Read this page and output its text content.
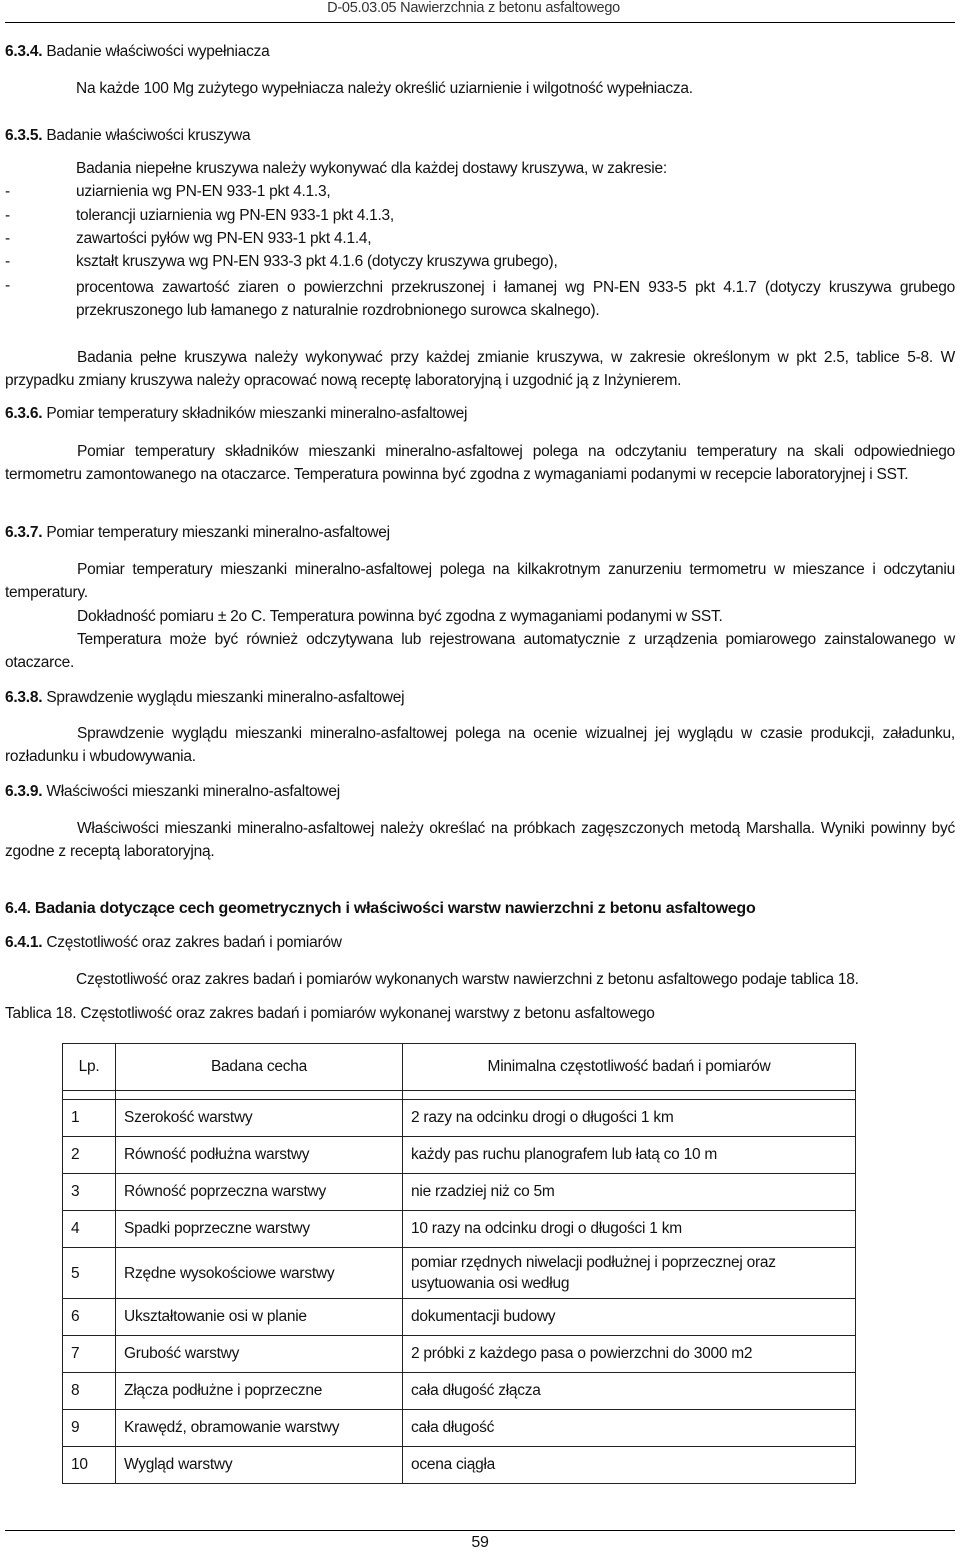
D-05.03.05 Nawierzchnia z betonu asfaltowego
6.3.4. Badanie właściwości wypełniacza
Na każde 100 Mg zużytego wypełniacza należy określić uziarnienie i wilgotność wypełniacza.
6.3.5. Badanie właściwości kruszywa
Badania niepełne kruszywa należy wykonywać dla każdej dostawy kruszywa, w zakresie:
-	uziarnienia wg PN-EN 933-1 pkt 4.1.3,
-	tolerancji uziarnienia wg PN-EN 933-1 pkt 4.1.3,
-	zawartości pyłów wg PN-EN 933-1 pkt 4.1.4,
-	kształt kruszywa wg PN-EN 933-3 pkt 4.1.6 (dotyczy kruszywa grubego),
-	procentowa zawartość ziaren o powierzchni przekruszonej i łamanej wg PN-EN 933-5 pkt 4.1.7 (dotyczy kruszywa grubego przekruszonego lub łamanego z naturalnie rozdrobnionego surowca skalnego).
Badania pełne kruszywa należy wykonywać przy każdej zmianie kruszywa, w zakresie określonym w pkt 2.5, tablice 5-8. W przypadku zmiany kruszywa należy opracować nową receptę laboratoryjną i uzgodnić ją z Inżynierem.
6.3.6. Pomiar temperatury składników mieszanki mineralno-asfaltowej
Pomiar temperatury składników mieszanki mineralno-asfaltowej polega na odczytaniu temperatury na skali odpowiedniego termometru zamontowanego na otaczarce. Temperatura powinna być zgodna z wymaganiami podanymi w recepcie laboratoryjnej i SST.
6.3.7. Pomiar temperatury mieszanki mineralno-asfaltowej
Pomiar temperatury mieszanki mineralno-asfaltowej polega na kilkakrotnym zanurzeniu termometru w mieszance i odczytaniu temperatury.
Dokładność pomiaru ± 2o C. Temperatura powinna być zgodna z wymaganiami podanymi w SST.
Temperatura może być również odczytywana lub rejestrowana automatycznie z urządzenia pomiarowego zainstalowanego w otaczarce.
6.3.8. Sprawdzenie wyglądu mieszanki mineralno-asfaltowej
Sprawdzenie wyglądu mieszanki mineralno-asfaltowej polega na ocenie wizualnej jej wyglądu w czasie produkcji, załadunku, rozładunku i wbudowywania.
6.3.9. Właściwości mieszanki mineralno-asfaltowej
Właściwości mieszanki mineralno-asfaltowej należy określać na próbkach zagęszczonych metodą Marshalla. Wyniki powinny być zgodne z receptą laboratoryjną.
6.4. Badania dotyczące cech geometrycznych i właściwości warstw nawierzchni z betonu asfaltowego
6.4.1. Częstotliwość oraz zakres badań i pomiarów
Częstotliwość oraz zakres badań i pomiarów wykonanych warstw nawierzchni z betonu asfaltowego podaje tablica 18.
Tablica 18. Częstotliwość oraz zakres badań i pomiarów wykonanej warstwy z betonu asfaltowego
Lp.	Badana cecha	Minimalna częstotliwość badań i pomiarów

1	Szerokość warstwy	2 razy na odcinku drogi o długości 1 km
2	Równość podłużna warstwy	każdy pas ruchu planografem lub łatą co 10 m
3	Równość poprzeczna warstwy	nie rzadziej niż co 5m
4	Spadki poprzeczne warstwy	10 razy na odcinku drogi o długości 1 km
5	Rzędne wysokościowe warstwy	pomiar rzędnych niwelacji podłużnej i poprzecznej oraz usytuowania osi według
6	Ukształtowanie osi w planie	dokumentacji budowy
7	Grubość warstwy	2 próbki z każdego pasa o powierzchni do 3000 m2
8	Złącza podłużne i poprzeczne	cała długość złącza
9	Krawędź, obramowanie warstwy	cała długość
10	Wygląd warstwy	ocena ciągła
59
